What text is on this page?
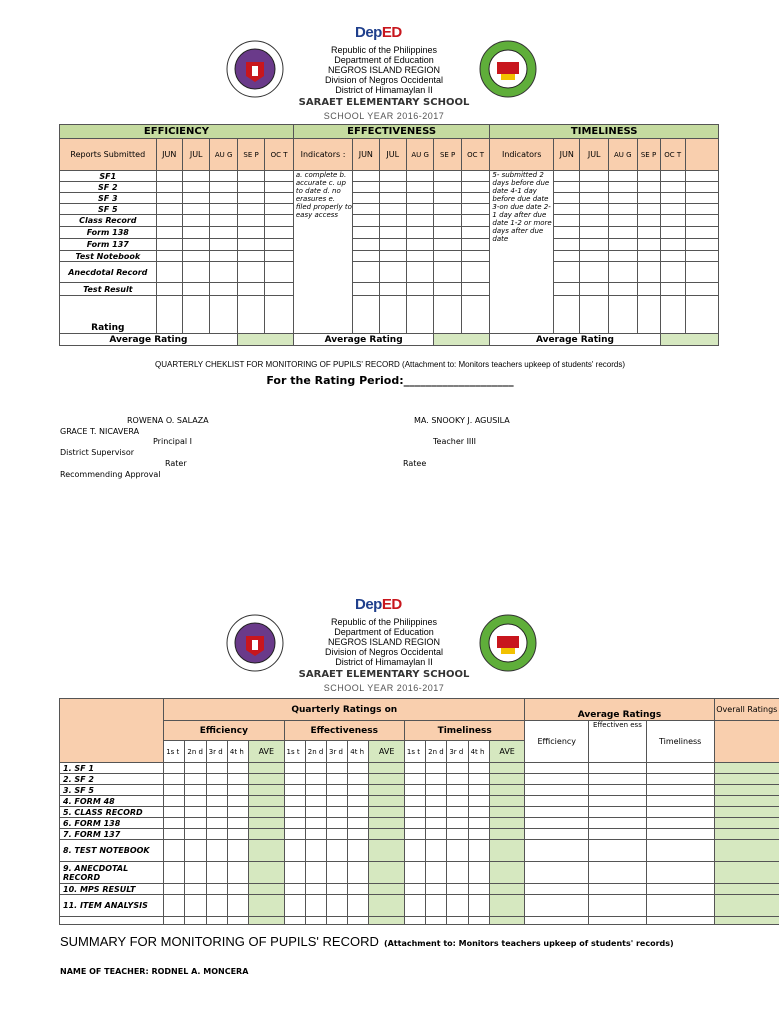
DepED
Republic of the Philippines
Department of Education
NEGROS ISLAND REGION
Division of Negros Occidental
District of Himamaylan II
SARAET ELEMENTARY SCHOOL
SCHOOL YEAR 2016-2017
EFFICIENCY						EFFECTIVENESS						TIMELINESS						
Reports Submitted	JUN	JUL	AU G	SE P	OC T	Indicators :	JUN	JUL	AU G	SE P	OC T	Indicators	JUN	JUL	AU G	SE P	OC T	
SF1						a. complete b. accurate c. up to date d. no erasures e. filed properly to easy access						5- submitted 2 days before due date 4-1 day before due date 3-on due date 2-1 day after due date 1-2 or more days after due date						
SF 2																		
SF 3																		
SF 5																		
Class Record																		
Form 138																		
Form 137																		
Test Notebook																		
Anecdotal Record																		
Test Result																		
Rating																		
Average Rating						Average Rating						Average Rating						
QUARTERLY CHEKLIST FOR MONITORING OF PUPILS' RECORD (Attachment to: Monitors teachers upkeep of students' records)
For the Rating Period:____________________
ROWENA O. SALAZA	MA. SNOOKY J. AGUSILA
GRACE T. NICAVERA
Principal I	Teacher IIII
District Supervisor
Rater	Ratee
Recommending Approval
DepED
Republic of the Philippines
Department of Education
NEGROS ISLAND REGION
Division of Negros Occidental
District of Himamaylan II
SARAET ELEMENTARY SCHOOL
SCHOOL YEAR 2016-2017
	Quarterly Ratings on															Average Ratings			Overall Ratings
	Efficiency					Effectiveness					Timeliness					Efficiency	Effectiven ess	Timeliness	
	1s t	2n d	3r d	4t h	AVE	1s t	2n d	3r d	4t h	AVE	1s t	2n d	3r d	4t h	AVE				
1. SF 1																			
2. SF 2																			
3. SF 5																			
4. FORM 48																			
5. CLASS RECORD																			
6. FORM 138																			
7. FORM 137																			
8. TEST NOTEBOOK																			
9. ANECDOTAL RECORD																			
10. MPS RESULT																			
11. ITEM ANALYSIS																			

SUMMARY FOR MONITORING OF PUPILS' RECORD (Attachment to: Monitors teachers upkeep of students' records)
NAME OF TEACHER: RODNEL A. MONCERA
